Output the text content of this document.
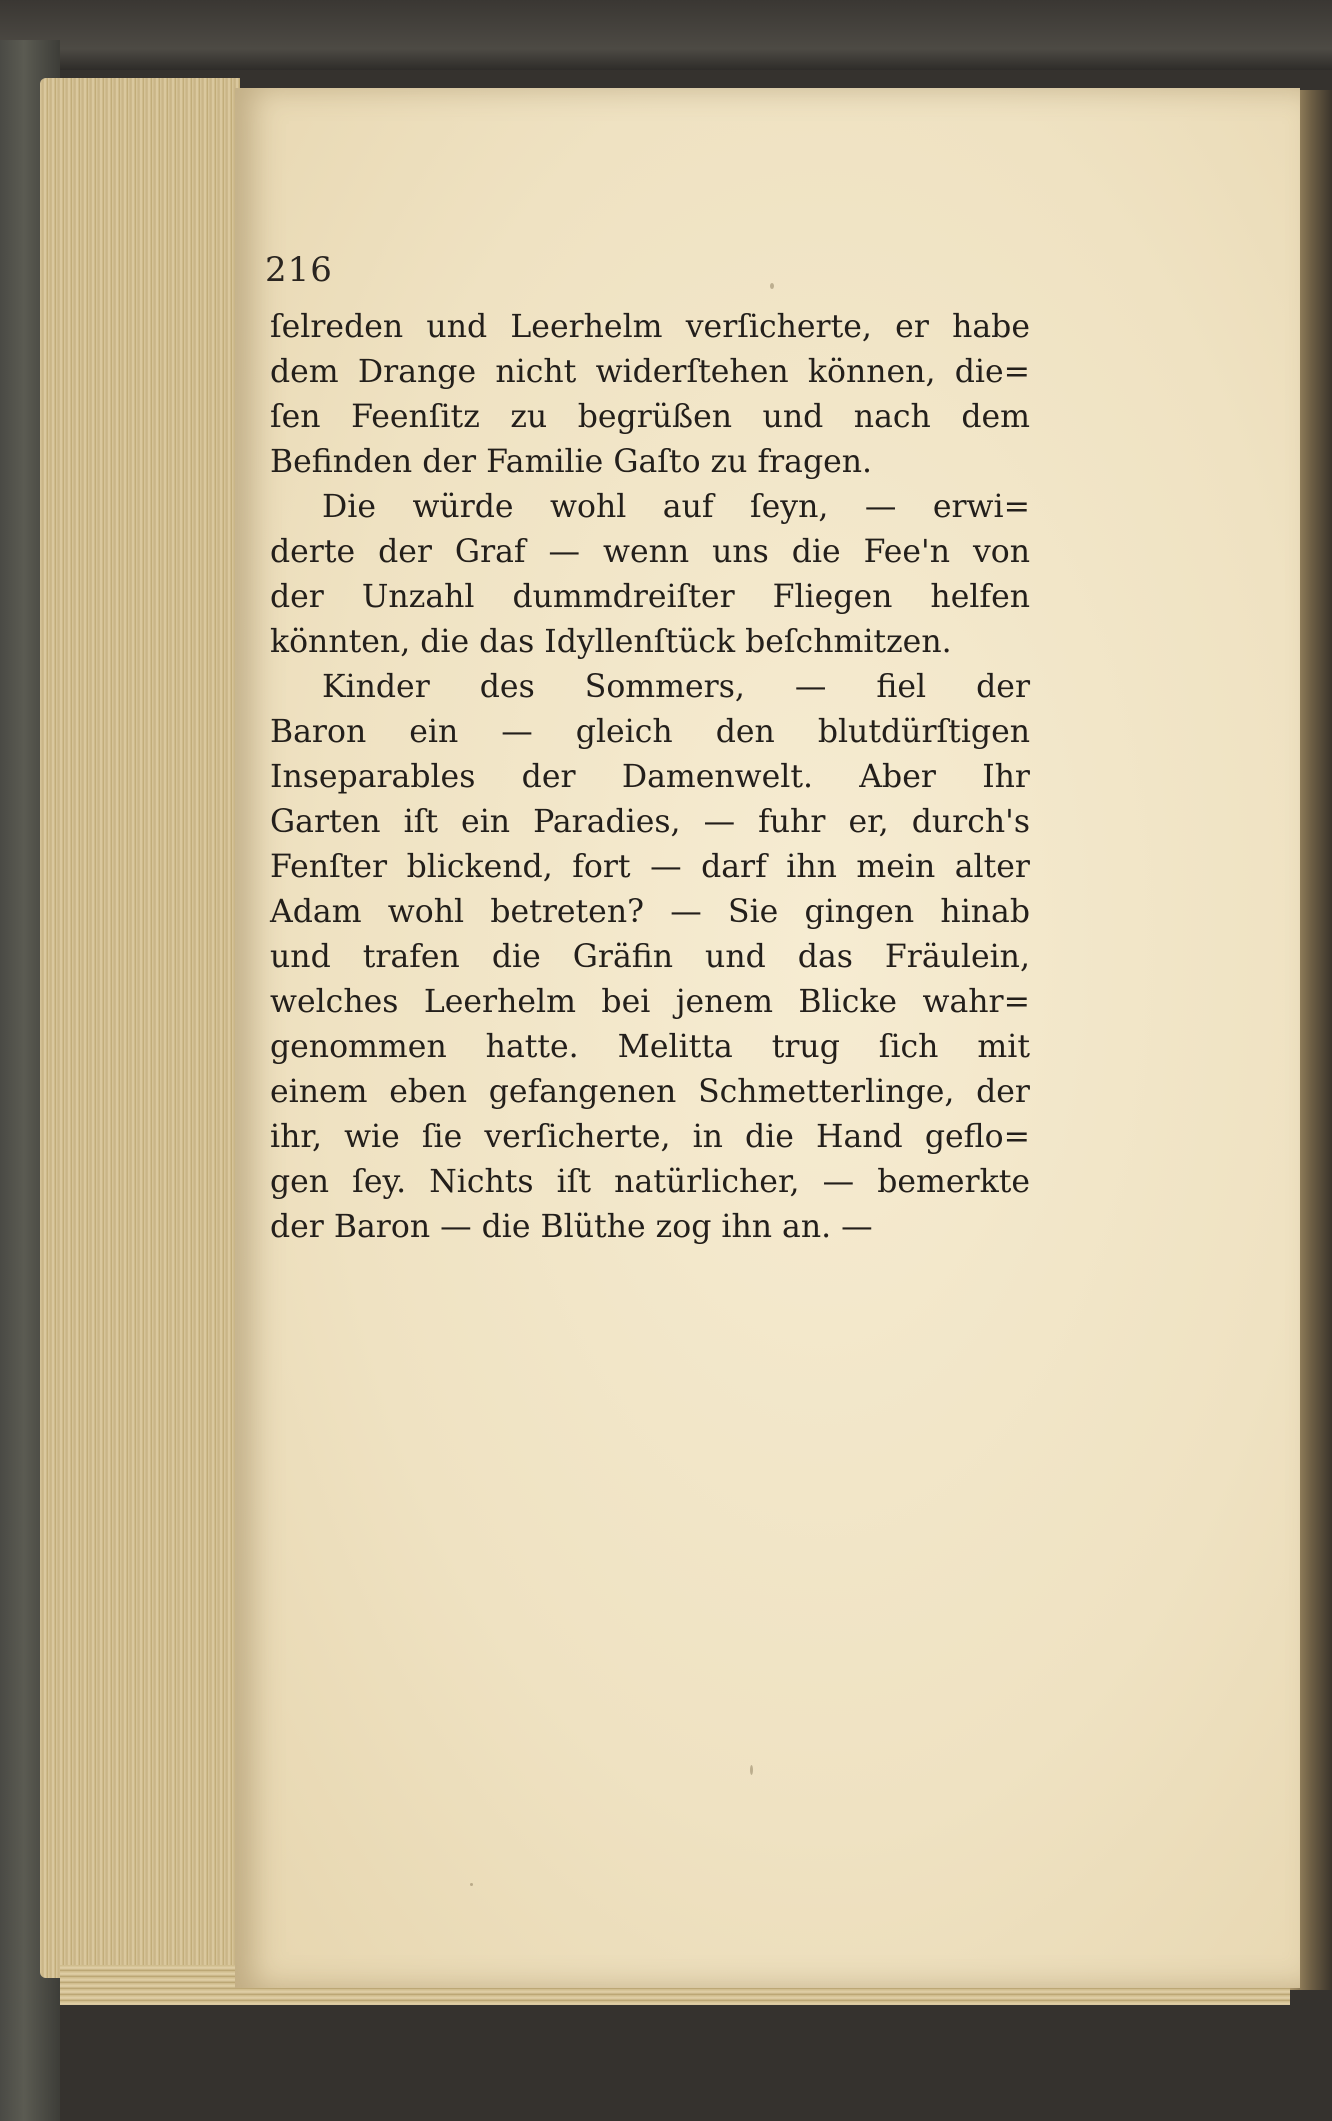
216
ſelreden und Leerhelm verſicherte, er habe
dem Drange nicht widerſtehen können, die=
ſen Feenſitz zu begrüßen und nach dem
Befinden der Familie Gaſto zu fragen.
Die würde wohl auf ſeyn, — erwi=
derte der Graf — wenn uns die Fee'n von
der Unzahl dummdreiſter Fliegen helfen
könnten, die das Idyllenſtück beſchmitzen.
Kinder des Sommers, — fiel der
Baron ein — gleich den blutdürſtigen
Inseparables der Damenwelt. Aber Ihr
Garten iſt ein Paradies, — fuhr er, durch's
Fenſter blickend, fort — darf ihn mein alter
Adam wohl betreten? — Sie gingen hinab
und trafen die Gräfin und das Fräulein,
welches Leerhelm bei jenem Blicke wahr=
genommen hatte. Melitta trug ſich mit
einem eben gefangenen Schmetterlinge, der
ihr, wie ſie verſicherte, in die Hand geflo=
gen ſey. Nichts iſt natürlicher, — bemerkte
der Baron — die Blüthe zog ihn an. —
